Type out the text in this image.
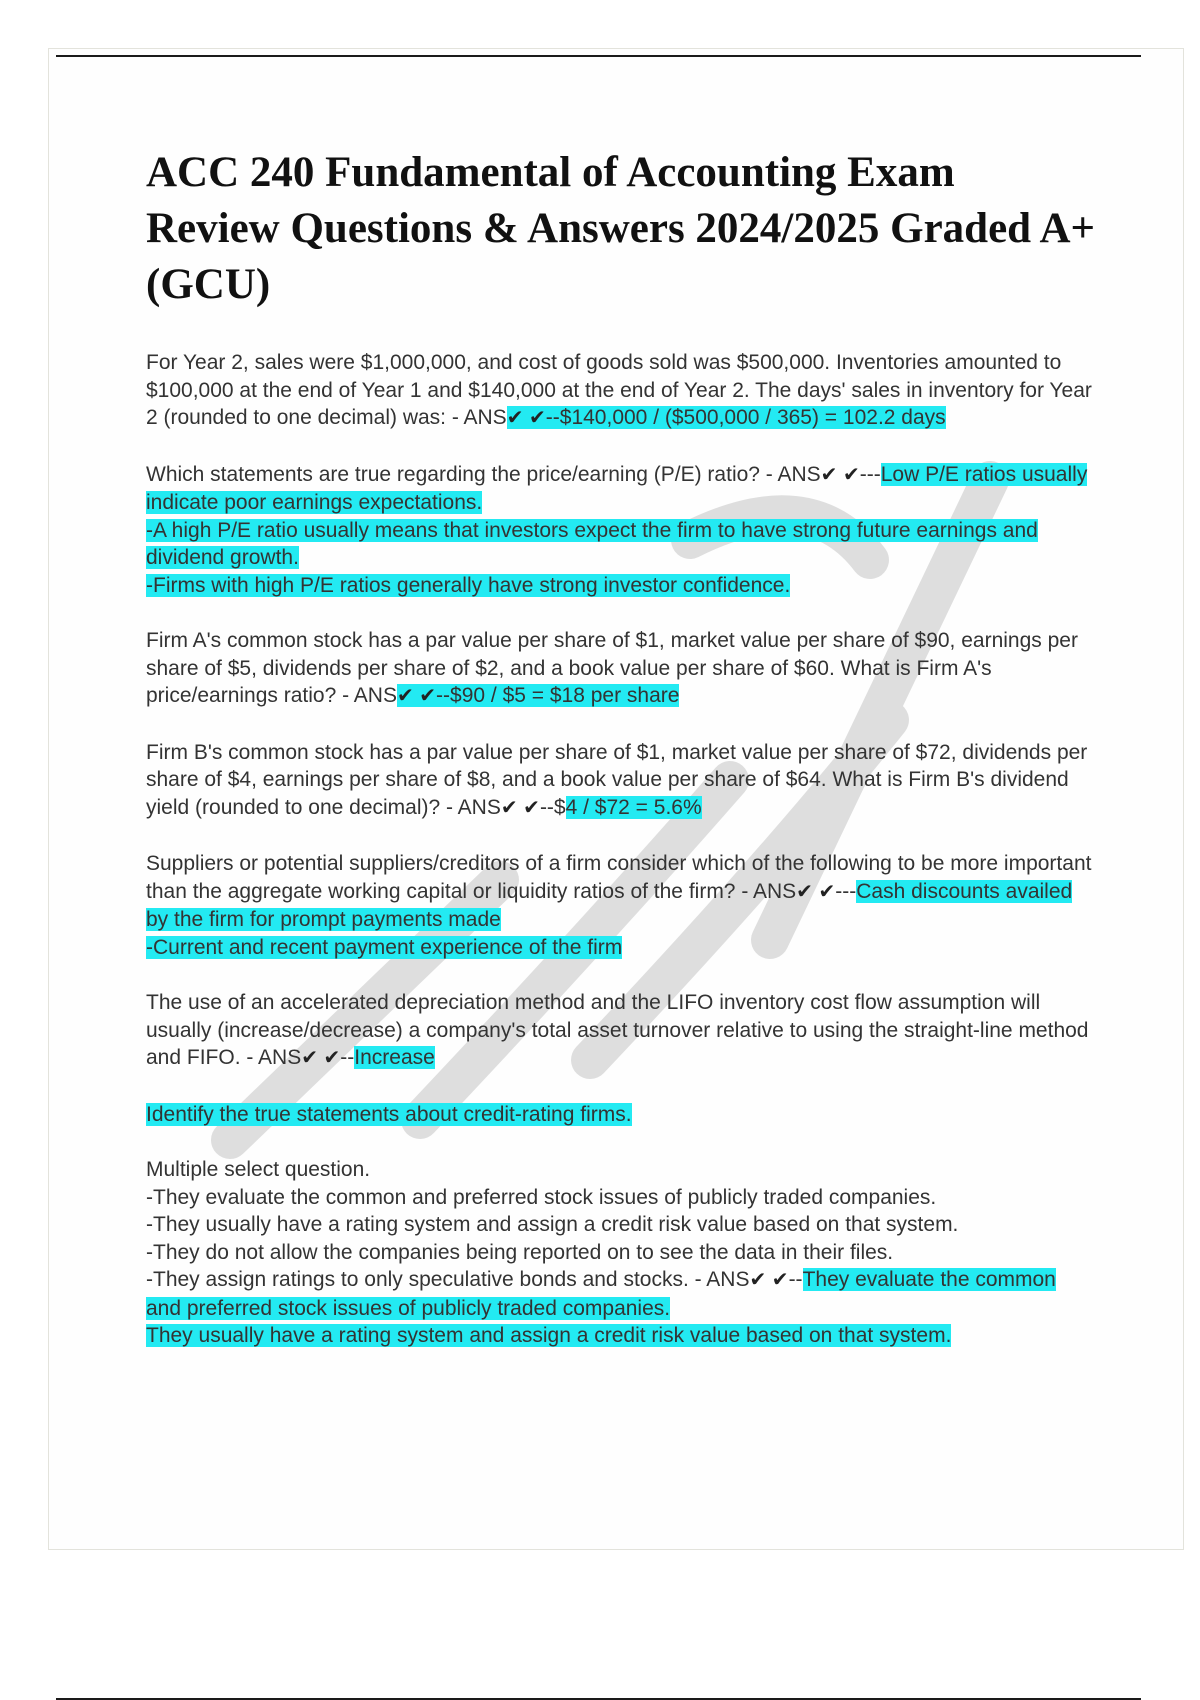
ACC 240 Fundamental of Accounting Exam Review Questions & Answers 2024/2025 Graded A+ (GCU)

For Year 2, sales were $1,000,000, and cost of goods sold was $500,000. Inventories amounted to $100,000 at the end of Year 1 and $140,000 at the end of Year 2. The days' sales in inventory for Year 2 (rounded to one decimal) was: - ANS✔ ✔--$140,000 / ($500,000 / 365) = 102.2 days

Which statements are true regarding the price/earning (P/E) ratio? - ANS✔ ✔---Low P/E ratios usually indicate poor earnings expectations.
-A high P/E ratio usually means that investors expect the firm to have strong future earnings and dividend growth.
-Firms with high P/E ratios generally have strong investor confidence.

Firm A's common stock has a par value per share of $1, market value per share of $90, earnings per share of $5, dividends per share of $2, and a book value per share of $60. What is Firm A's price/earnings ratio? - ANS✔ ✔--$90 / $5 = $18 per share

Firm B's common stock has a par value per share of $1, market value per share of $72, dividends per share of $4, earnings per share of $8, and a book value per share of $64. What is Firm B's dividend yield (rounded to one decimal)? - ANS✔ ✔--$4 / $72 = 5.6%

Suppliers or potential suppliers/creditors of a firm consider which of the following to be more important than the aggregate working capital or liquidity ratios of the firm? - ANS✔ ✔---Cash discounts availed by the firm for prompt payments made
-Current and recent payment experience of the firm

The use of an accelerated depreciation method and the LIFO inventory cost flow assumption will usually (increase/decrease) a company's total asset turnover relative to using the straight-line method and FIFO. - ANS✔ ✔--Increase

Identify the true statements about credit-rating firms.

Multiple select question.
-They evaluate the common and preferred stock issues of publicly traded companies.
-They usually have a rating system and assign a credit risk value based on that system.
-They do not allow the companies being reported on to see the data in their files.
-They assign ratings to only speculative bonds and stocks. - ANS✔ ✔--They evaluate the common and preferred stock issues of publicly traded companies.
They usually have a rating system and assign a credit risk value based on that system.
